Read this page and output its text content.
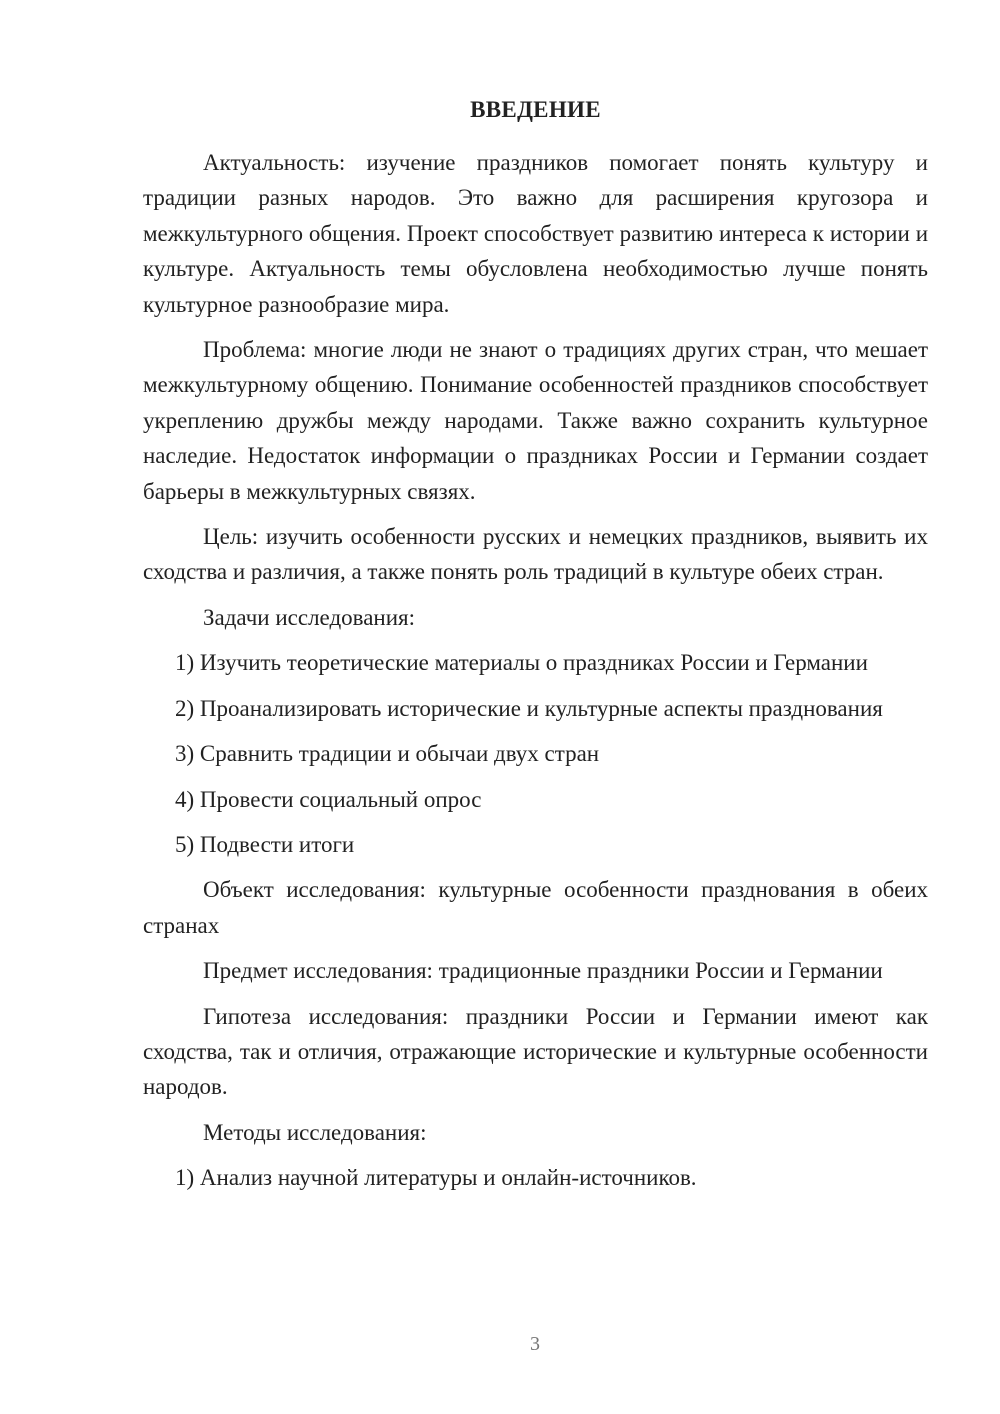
ВВЕДЕНИЕ

Актуальность: изучение праздников помогает понять культуру и традиции разных народов. Это важно для расширения кругозора и межкультурного общения. Проект способствует развитию интереса к истории и культуре. Актуальность темы обусловлена необходимостью лучше понять культурное разнообразие мира.

Проблема: многие люди не знают о традициях других стран, что мешает межкультурному общению. Понимание особенностей праздников способствует укреплению дружбы между народами. Также важно сохранить культурное наследие. Недостаток информации о праздниках России и Германии создает барьеры в межкультурных связях.

Цель: изучить особенности русских и немецких праздников, выявить их сходства и различия, а также понять роль традиций в культуре обеих стран.

Задачи исследования:

1) Изучить теоретические материалы о праздниках России и Германии

2) Проанализировать исторические и культурные аспекты празднования

3) Сравнить традиции и обычаи двух стран

4) Провести социальный опрос

5) Подвести итоги

Объект исследования: культурные особенности празднования в обеих странах

Предмет исследования: традиционные праздники России и Германии

Гипотеза исследования: праздники России и Германии имеют как сходства, так и отличия, отражающие исторические и культурные особенности народов.

Методы исследования:

1) Анализ научной литературы и онлайн-источников.

3
